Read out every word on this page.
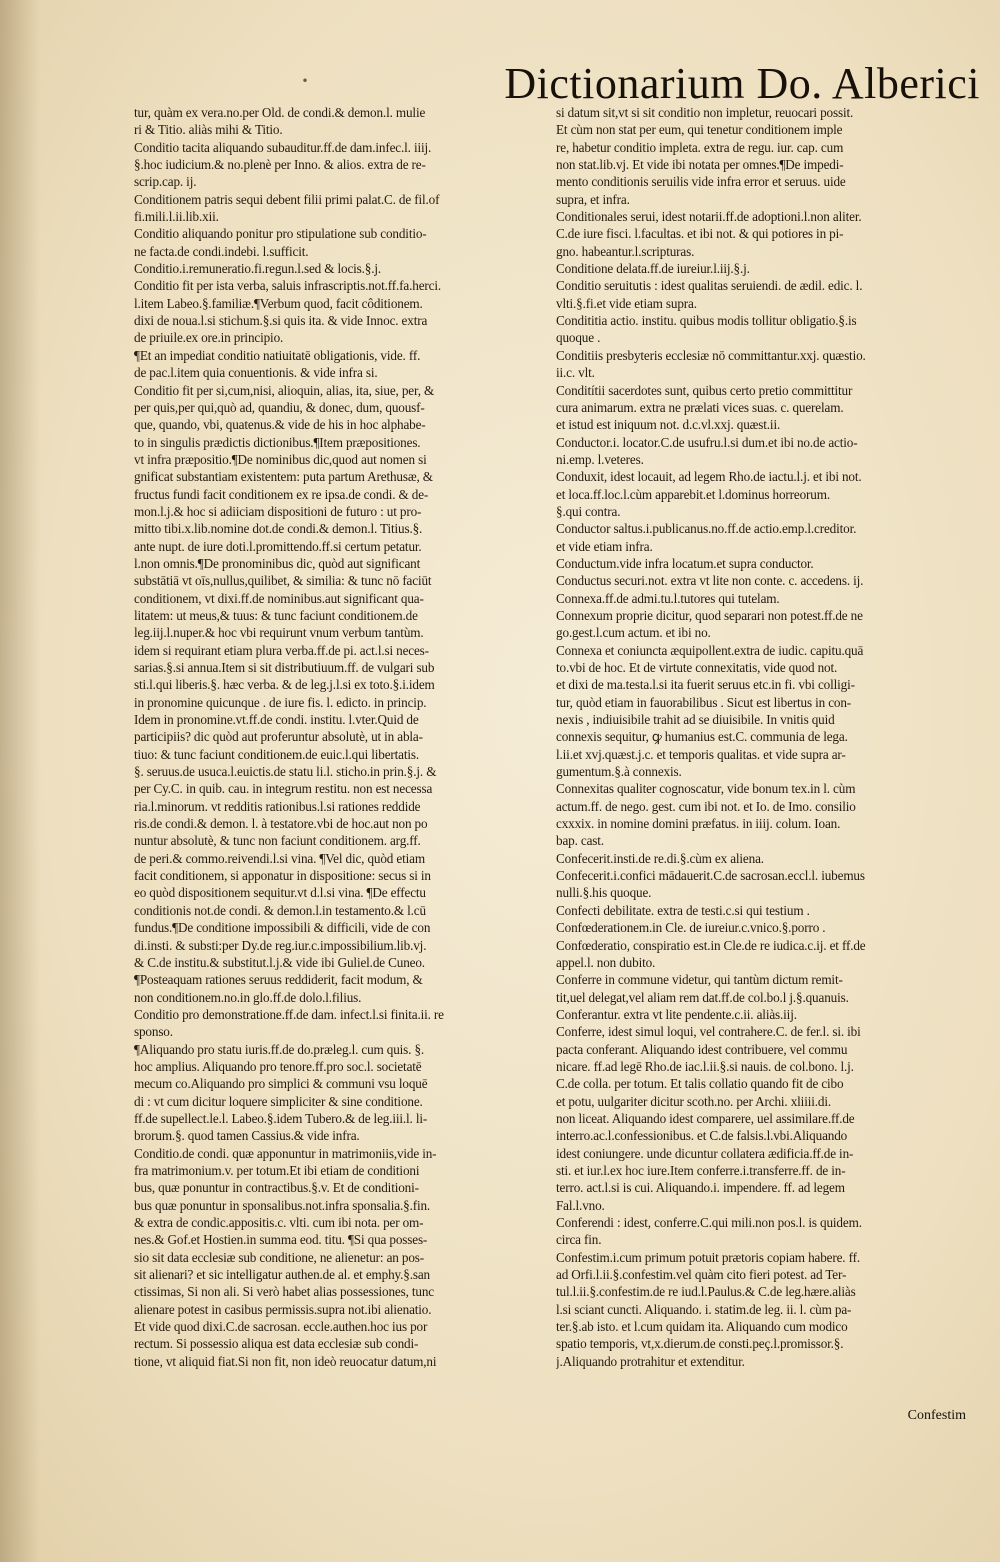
·	Dictionarium Do. Alberici
tur, quàm ex vera.no.per Old. de condi.& demon.l. mulie
ri & Titio. aliàs mihi & Titio.
Conditio tacita aliquando subauditur.ff.de dam.infec.l. iiij.
§.hoc iudicium.& no.plenè per Inno. & alios. extra de re-
scrip.cap. ij.
Conditionem patris sequi debent filii primi palat.C. de fil.of
fi.mili.l.ii.lib.xii.
Conditio aliquando ponitur pro stipulatione sub conditio-
ne facta.de condi.indebi. l.sufficit.
Conditio.i.remuneratio.fi.regun.l.sed & locis.§.j.
Conditio fit per ista verba, saluis infrascriptis.not.ff.fa.herci.
l.item Labeo.§.familiæ.¶Verbum quod, facit côditionem.
dixi de noua.l.si stichum.§.si quis ita. & vide Innoc. extra
de priuile.ex ore.in principio.
¶Et an impediat conditio natiuitatē obligationis, vide. ff.
de pac.l.item quia conuentionis. & vide infra si.
Conditio fit per si,cum,nisi, alioquin, alias, ita, siue, per, &
per quis,per qui,quò ad, quandiu, & donec, dum, quousf-
que, quando, vbi, quatenus.& vide de his in hoc alphabe-
to in singulis prædictis dictionibus.¶Item præpositiones.
vt infra præpositio.¶De nominibus dic,quod aut nomen si
gnificat substantiam existentem: puta partum Arethusæ, &
fructus fundi facit conditionem ex re ipsa.de condi. & de-
mon.l.j.& hoc si adiiciam dispositioni de futuro : ut pro-
mitto tibi.x.lib.nomine dot.de condi.& demon.l. Titius.§.
ante nupt. de iure doti.l.promittendo.ff.si certum petatur.
l.non omnis.¶De pronominibus dic, quòd aut significant
substātiā vt oīs,nullus,quilibet, & similia: & tunc nō faciūt
conditionem, vt dixi.ff.de nominibus.aut significant qua-
litatem: ut meus,& tuus: & tunc faciunt conditionem.de
leg.iij.l.nuper.& hoc vbi requirunt vnum verbum tantùm.
idem si requirant etiam plura verba.ff.de pi. act.l.si neces-
sarias.§.si annua.Item si sit distributiuum.ff. de vulgari sub
sti.l.qui liberis.§. hæc verba. & de leg.j.l.si ex toto.§.i.idem
in pronomine quicunque . de iure fis. l. edicto. in princip.
Idem in pronomine.vt.ff.de condi. institu. l.vter.Quid de
participiis? dic quòd aut proferuntur absolutè, ut in abla-
tiuo: & tunc faciunt conditionem.de euic.l.qui libertatis.
§. seruus.de usuca.l.euictis.de statu li.l. sticho.in prin.§.j. &
per Cy.C. in quib. cau. in integrum restitu. non est necessa
ria.l.minorum. vt redditis rationibus.l.si rationes reddide
ris.de condi.& demon. l. à testatore.vbi de hoc.aut non po
nuntur absolutè, & tunc non faciunt conditionem. arg.ff.
de peri.& commo.reivendi.l.si vina. ¶Vel dic, quòd etiam
facit conditionem, si apponatur in dispositione: secus si in
eo quòd dispositionem sequitur.vt d.l.si vina. ¶De effectu
conditionis not.de condi. & demon.l.in testamento.& l.cū
fundus.¶De conditione impossibili & difficili, vide de con
di.insti. & substi:per Dy.de reg.iur.c.impossibilium.lib.vj.
& C.de institu.& substitut.l.j.& vide ibi Guliel.de Cuneo.
¶Posteaquam rationes seruus reddiderit, facit modum, &
non conditionem.no.in glo.ff.de dolo.l.filius.
Conditio pro demonstratione.ff.de dam. infect.l.si finita.ii. re
sponso.
¶Aliquando pro statu iuris.ff.de do.præleg.l. cum quis. §.
hoc amplius. Aliquando pro tenore.ff.pro soc.l. societatē
mecum co.Aliquando pro simplici & communi vsu loquē
di : vt cum dicitur loquere simpliciter & sine conditione.
ff.de supellect.le.l. Labeo.§.idem Tubero.& de leg.iii.l. li-
brorum.§. quod tamen Cassius.& vide infra.
Conditio.de condi. quæ apponuntur in matrimoniis,vide in-
fra matrimonium.v. per totum.Et ibi etiam de conditioni
bus, quæ ponuntur in contractibus.§.v. Et de conditioni-
bus quæ ponuntur in sponsalibus.not.infra sponsalia.§.fin.
& extra de condic.appositis.c. vlti. cum ibi nota. per om-
nes.& Gof.et Hostien.in summa eod. titu. ¶Si qua posses-
sio sit data ecclesiæ sub conditione, ne alienetur: an pos-
sit alienari? et sic intelligatur authen.de al. et emphy.§.san
ctissimas, Si non ali. Si verò habet alias possessiones, tunc
alienare potest in casibus permissis.supra not.ibi alienatio.
Et vide quod dixi.C.de sacrosan. eccle.authen.hoc ius por
rectum. Si possessio aliqua est data ecclesiæ sub condi-
tione, vt aliquid fiat.Si non fit, non ideò reuocatur datum,ni
si datum sit,vt si sit conditio non impletur, reuocari possit.
Et cùm non stat per eum, qui tenetur conditionem imple
re, habetur conditio impleta. extra de regu. iur. cap. cum
non stat.lib.vj. Et vide ibi notata per omnes.¶De impedi-
mento conditionis seruilis vide infra error et seruus. uide
supra, et infra.
Conditionales serui, idest notarii.ff.de adoptioni.l.non aliter.
C.de iure fisci. l.facultas. et ibi not. & qui potiores in pi-
gno. habeantur.l.scripturas.
Conditione delata.ff.de iureiur.l.iij.§.j.
Conditio seruitutis : idest qualitas seruiendi. de ædil. edic. l.
vlti.§.fi.et vide etiam supra.
Condititia actio. institu. quibus modis tollitur obligatio.§.is
quoque .
Conditiis presbyteris ecclesiæ nō committantur.xxj. quæstio.
ii.c. vlt.
Conditítii sacerdotes sunt, quibus certo pretio committitur
cura animarum. extra ne prælati vices suas. c. querelam.
et istud est iniquum not. d.c.vl.xxj. quæst.ii.
Conductor.i. locator.C.de usufru.l.si dum.et ibi no.de actio-
ni.emp. l.veteres.
Conduxit, idest locauit, ad legem Rho.de iactu.l.j. et ibi not.
et loca.ff.loc.l.cùm apparebit.et l.dominus horreorum.
§.qui contra.
Conductor saltus.i.publicanus.no.ff.de actio.emp.l.creditor.
et vide etiam infra.
Conductum.vide infra locatum.et supra conductor.
Conductus securi.not. extra vt lite non conte. c. accedens. ij.
Connexa.ff.de admi.tu.l.tutores qui tutelam.
Connexum proprie dicitur, quod separari non potest.ff.de ne
go.gest.l.cum actum. et ibi no.
Connexa et coniuncta æquipollent.extra de iudic. capitu.quā
to.vbi de hoc. Et de virtute connexitatis, vide quod not.
et dixi de ma.testa.l.si ita fuerit seruus etc.in fi. vbi colligi-
tur, quòd etiam in fauorabilibus . Sicut est libertus in con-
nexis , indiuisibile trahit ad se diuisibile. In vnitis quid
connexis sequitur, ꝙ humanius est.C. communia de lega.
l.ii.et xvj.quæst.j.c. et temporis qualitas. et vide supra ar-
gumentum.§.à connexis.
Connexitas qualiter cognoscatur, vide bonum tex.in l. cùm
actum.ff. de nego. gest. cum ibi not. et Io. de Imo. consilio
cxxxix. in nomine domini præfatus. in iiij. colum. Ioan.
bap. cast.
Confecerit.insti.de re.di.§.cùm ex aliena.
Confecerit.i.confici mādauerit.C.de sacrosan.eccl.l. iubemus
nulli.§.his quoque.
Confecti debilitate. extra de testi.c.si qui testium .
Confœderationem.in Cle. de iureiur.c.vnico.§.porro .
Confœderatio, conspiratio est.in Cle.de re iudica.c.ij. et ff.de
appel.l. non dubito.
Conferre in commune videtur, qui tantùm dictum remit-
tit,uel delegat,vel aliam rem dat.ff.de col.bo.l j.§.quanuis.
Conferantur. extra vt lite pendente.c.ii. aliàs.iij.
Conferre, idest simul loqui, vel contrahere.C. de fer.l. si. ibi
pacta conferant. Aliquando idest contribuere, vel commu
nicare. ff.ad legē Rho.de iac.l.ii.§.si nauis. de col.bono. l.j.
C.de colla. per totum. Et talis collatio quando fit de cibo
et potu, uulgariter dicitur scoth.no. per Archi. xliiii.di.
non liceat. Aliquando idest comparere, uel assimilare.ff.de
interro.ac.l.confessionibus. et C.de falsis.l.vbi.Aliquando
idest coniungere. unde dicuntur collatera ædificia.ff.de in-
sti. et iur.l.ex hoc iure.Item conferre.i.transferre.ff. de in-
terro. act.l.si is cui. Aliquando.i. impendere. ff. ad legem
Fal.l.vno.
Conferendi : idest, conferre.C.qui mili.non pos.l. is quidem.
circa fin.
Confestim.i.cum primum potuit prætoris copiam habere. ff.
ad Orfi.l.ii.§.confestim.vel quàm cito fieri potest. ad Ter-
tul.l.ii.§.confestim.de re iud.l.Paulus.& C.de leg.hære.aliàs
l.si sciant cuncti. Aliquando. i. statim.de leg. ii. l. cùm pa-
ter.§.ab isto. et l.cum quidam ita. Aliquando cum modico
spatio temporis, vt,x.dierum.de consti.peç.l.promissor.§.
j.Aliquando protrahitur et extenditur.
Confestim
